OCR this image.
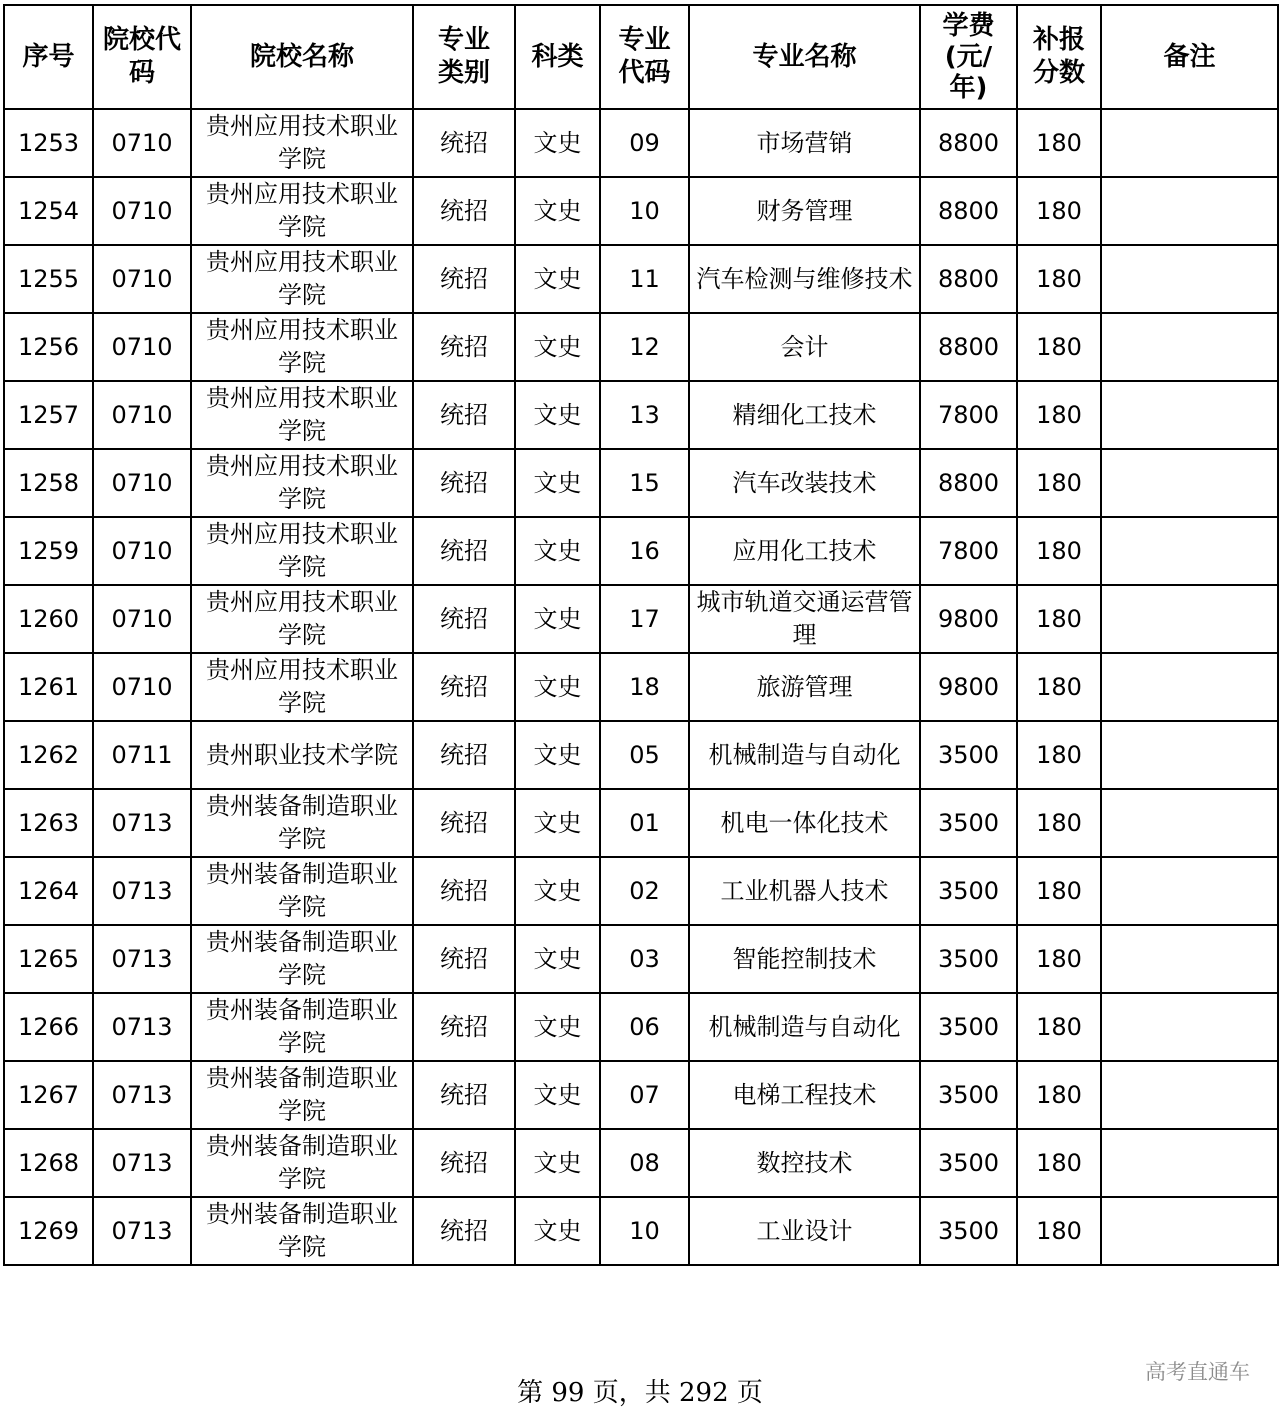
序号	院校代码	院校名称	专业类别	科类	专业代码	专业名称	学费(元/年)	补报分数	备注
1253	0710	贵州应用技术职业学院	统招	文史	09	市场营销	8800	180	
1254	0710	贵州应用技术职业学院	统招	文史	10	财务管理	8800	180	
1255	0710	贵州应用技术职业学院	统招	文史	11	汽车检测与维修技术	8800	180	
1256	0710	贵州应用技术职业学院	统招	文史	12	会计	8800	180	
1257	0710	贵州应用技术职业学院	统招	文史	13	精细化工技术	7800	180	
1258	0710	贵州应用技术职业学院	统招	文史	15	汽车改装技术	8800	180	
1259	0710	贵州应用技术职业学院	统招	文史	16	应用化工技术	7800	180	
1260	0710	贵州应用技术职业学院	统招	文史	17	城市轨道交通运营管理	9800	180	
1261	0710	贵州应用技术职业学院	统招	文史	18	旅游管理	9800	180	
1262	0711	贵州职业技术学院	统招	文史	05	机械制造与自动化	3500	180	
1263	0713	贵州装备制造职业学院	统招	文史	01	机电一体化技术	3500	180	
1264	0713	贵州装备制造职业学院	统招	文史	02	工业机器人技术	3500	180	
1265	0713	贵州装备制造职业学院	统招	文史	03	智能控制技术	3500	180	
1266	0713	贵州装备制造职业学院	统招	文史	06	机械制造与自动化	3500	180	
1267	0713	贵州装备制造职业学院	统招	文史	07	电梯工程技术	3500	180	
1268	0713	贵州装备制造职业学院	统招	文史	08	数控技术	3500	180	
1269	0713	贵州装备制造职业学院	统招	文史	10	工业设计	3500	180	
第 99 页，共 292 页
高考直通车
